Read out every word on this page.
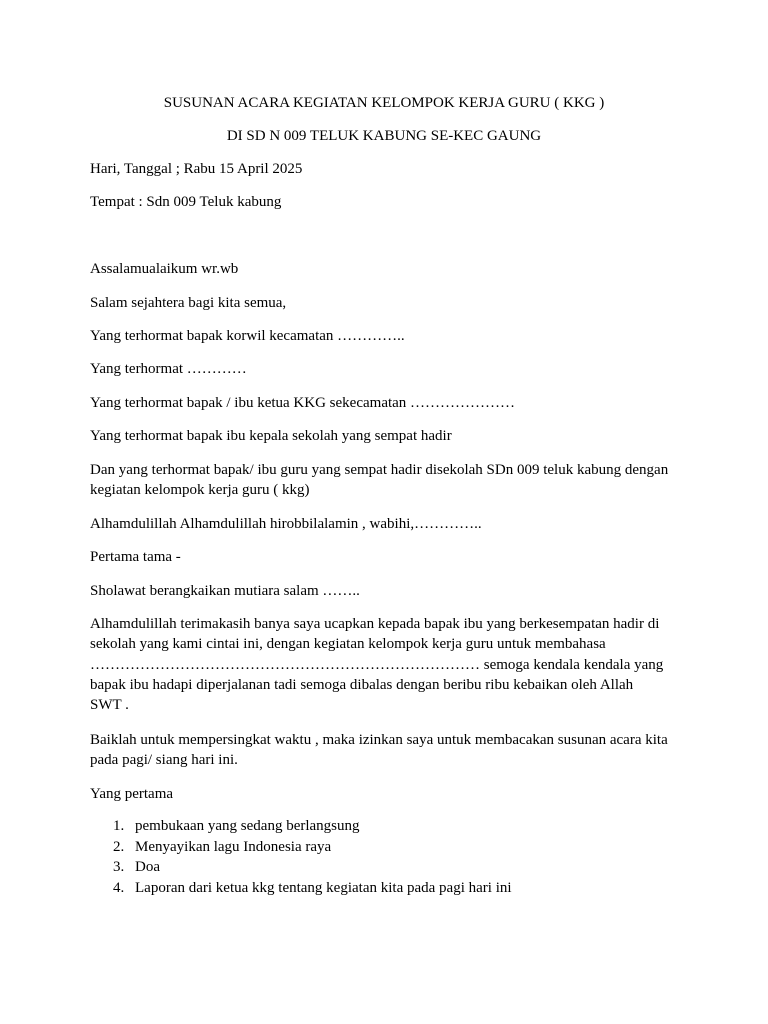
SUSUNAN ACARA KEGIATAN KELOMPOK KERJA GURU ( KKG )
DI SD N 009 TELUK KABUNG SE-KEC GAUNG
Hari, Tanggal ; Rabu 15 April 2025
Tempat : Sdn 009 Teluk kabung
Assalamualaikum wr.wb
Salam sejahtera bagi kita semua,
Yang terhormat bapak korwil kecamatan …………..
Yang terhormat …………
Yang terhormat bapak / ibu ketua KKG sekecamatan …………………
Yang terhormat bapak ibu kepala sekolah yang sempat hadir
Dan yang terhormat bapak/ ibu guru yang sempat hadir disekolah SDn 009 teluk kabung dengan
kegiatan kelompok kerja guru ( kkg)
Alhamdulillah Alhamdulillah hirobbilalamin , wabihi,…………..
Pertama tama -
Sholawat berangkaikan mutiara salam ……..
Alhamdulillah terimakasih banya saya ucapkan kepada bapak ibu yang berkesempatan hadir di
sekolah yang kami cintai ini, dengan kegiatan kelompok kerja guru untuk membahasa
…………………………………………………………………… semoga kendala kendala yang
bapak ibu hadapi diperjalanan tadi semoga dibalas dengan beribu ribu kebaikan oleh Allah
SWT .
Baiklah untuk mempersingkat waktu , maka izinkan saya untuk membacakan susunan acara kita
pada pagi/ siang hari ini.
Yang pertama
1. pembukaan yang sedang berlangsung
2. Menyayikan lagu Indonesia raya
3. Doa
4. Laporan dari ketua kkg tentang kegiatan kita pada pagi hari ini
